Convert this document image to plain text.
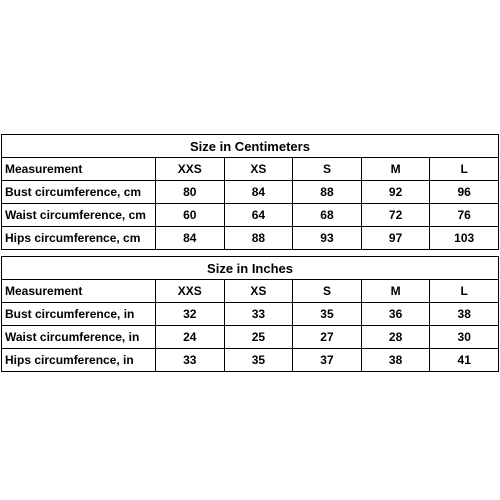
Size in Centimeters					
Measurement	XXS	XS	S	M	L
Bust circumference, cm	80	84	88	92	96
Waist circumference, cm	60	64	68	72	76
Hips circumference, cm	84	88	93	97	103
Size in Inches					
Measurement	XXS	XS	S	M	L
Bust circumference, in	32	33	35	36	38
Waist circumference, in	24	25	27	28	30
Hips circumference, in	33	35	37	38	41
